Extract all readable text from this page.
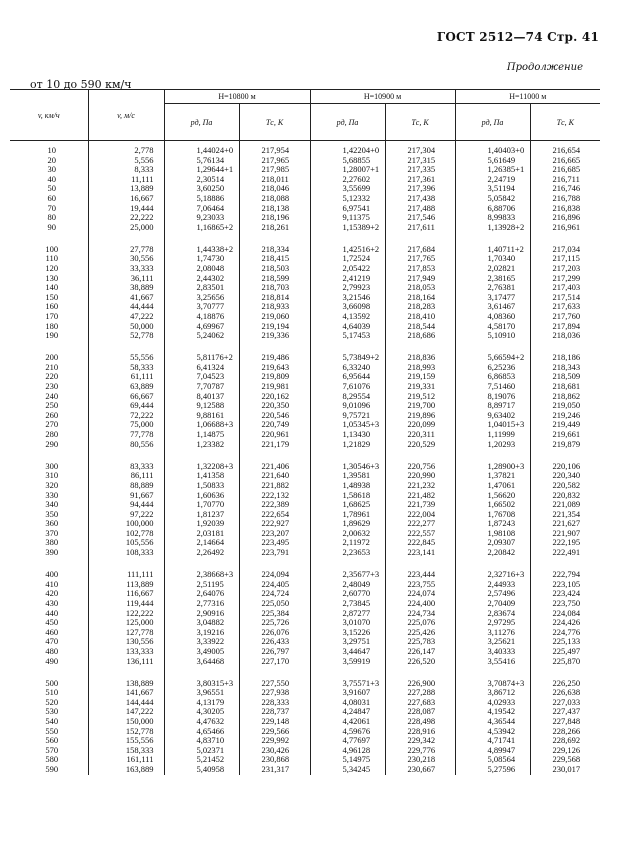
ГОСТ 2512—74 Стр. 41
Продолжение
от 10 до 590 км/ч
v, км/ч	v, м/с	H=10800 м		H=10900 м		H=11000 м	
		pд, Па	Tс, К	pд, Па	Tс, К	pд, Па	Tс, К
10	2,778	1,44024+0	217,954	1,42204+0	217,304	1,40403+0	216,654
20	5,556	5,76134	217,965	5,68855	217,315	5,61649	216,665
30	8,333	1,29644+1	217,985	1,28007+1	217,335	1,26385+1	216,685
40	11,111	2,30514	218,011	2,27602	217,361	2,24719	216,711
50	13,889	3,60250	218,046	3,55699	217,396	3,51194	216,746
60	16,667	5,18886	218,088	5,12332	217,438	5,05842	216,788
70	19,444	7,06464	218,138	6,97541	217,488	6,88706	216,838
80	22,222	9,23033	218,196	9,11375	217,546	8,99833	216,896
90	25,000	1,16865+2	218,261	1,15389+2	217,611	1,13928+2	216,961

100	27,778	1,44338+2	218,334	1,42516+2	217,684	1,40711+2	217,034
110	30,556	1,74730	218,415	1,72524	217,765	1,70340	217,115
120	33,333	2,08048	218,503	2,05422	217,853	2,02821	217,203
130	36,111	2,44302	218,599	2,41219	217,949	2,38165	217,299
140	38,889	2,83501	218,703	2,79923	218,053	2,76381	217,403
150	41,667	3,25656	218,814	3,21546	218,164	3,17477	217,514
160	44,444	3,70777	218,933	3,66098	218,283	3,61467	217,633
170	47,222	4,18876	219,060	4,13592	218,410	4,08360	217,760
180	50,000	4,69967	219,194	4,64039	218,544	4,58170	217,894
190	52,778	5,24062	219,336	5,17453	218,686	5,10910	218,036

200	55,556	5,81176+2	219,486	5,73849+2	218,836	5,66594+2	218,186
210	58,333	6,41324	219,643	6,33240	218,993	6,25236	218,343
220	61,111	7,04523	219,809	6,95644	219,159	6,86853	218,509
230	63,889	7,70787	219,981	7,61076	219,331	7,51460	218,681
240	66,667	8,40137	220,162	8,29554	219,512	8,19076	218,862
250	69,444	9,12588	220,350	9,01096	219,700	8,89717	219,050
260	72,222	9,88161	220,546	9,75721	219,896	9,63402	219,246
270	75,000	1,06688+3	220,749	1,05345+3	220,099	1,04015+3	219,449
280	77,778	1,14875	220,961	1,13430	220,311	1,11999	219,661
290	80,556	1,23382	221,179	1,21829	220,529	1,20293	219,879

300	83,333	1,32208+3	221,406	1,30546+3	220,756	1,28900+3	220,106
310	86,111	1,41358	221,640	1,39581	220,990	1,37821	220,340
320	88,889	1,50833	221,882	1,48938	221,232	1,47061	220,582
330	91,667	1,60636	222,132	1,58618	221,482	1,56620	220,832
340	94,444	1,70770	222,389	1,68625	221,739	1,66502	221,089
350	97,222	1,81237	222,654	1,78961	222,004	1,76708	221,354
360	100,000	1,92039	222,927	1,89629	222,277	1,87243	221,627
370	102,778	2,03181	223,207	2,00632	222,557	1,98108	221,907
380	105,556	2,14664	223,495	2,11972	222,845	2,09307	222,195
390	108,333	2,26492	223,791	2,23653	223,141	2,20842	222,491

400	111,111	2,38668+3	224,094	2,35677+3	223,444	2,32716+3	222,794
410	113,889	2,51195	224,405	2,48049	223,755	2,44933	223,105
420	116,667	2,64076	224,724	2,60770	224,074	2,57496	223,424
430	119,444	2,77316	225,050	2,73845	224,400	2,70409	223,750
440	122,222	2,90916	225,384	2,87277	224,734	2,83674	224,084
450	125,000	3,04882	225,726	3,01070	225,076	2,97295	224,426
460	127,778	3,19216	226,076	3,15226	225,426	3,11276	224,776
470	130,556	3,33922	226,433	3,29751	225,783	3,25621	225,133
480	133,333	3,49005	226,797	3,44647	226,147	3,40333	225,497
490	136,111	3,64468	227,170	3,59919	226,520	3,55416	225,870

500	138,889	3,80315+3	227,550	3,75571+3	226,900	3,70874+3	226,250
510	141,667	3,96551	227,938	3,91607	227,288	3,86712	226,638
520	144,444	4,13179	228,333	4,08031	227,683	4,02933	227,033
530	147,222	4,30205	228,737	4,24847	228,087	4,19542	227,437
540	150,000	4,47632	229,148	4,42061	228,498	4,36544	227,848
550	152,778	4,65466	229,566	4,59676	228,916	4,53942	228,266
560	155,556	4,83710	229,992	4,77697	229,342	4,71741	228,692
570	158,333	5,02371	230,426	4,96128	229,776	4,89947	229,126
580	161,111	5,21452	230,868	5,14975	230,218	5,08564	229,568
590	163,889	5,40958	231,317	5,34245	230,667	5,27596	230,017
